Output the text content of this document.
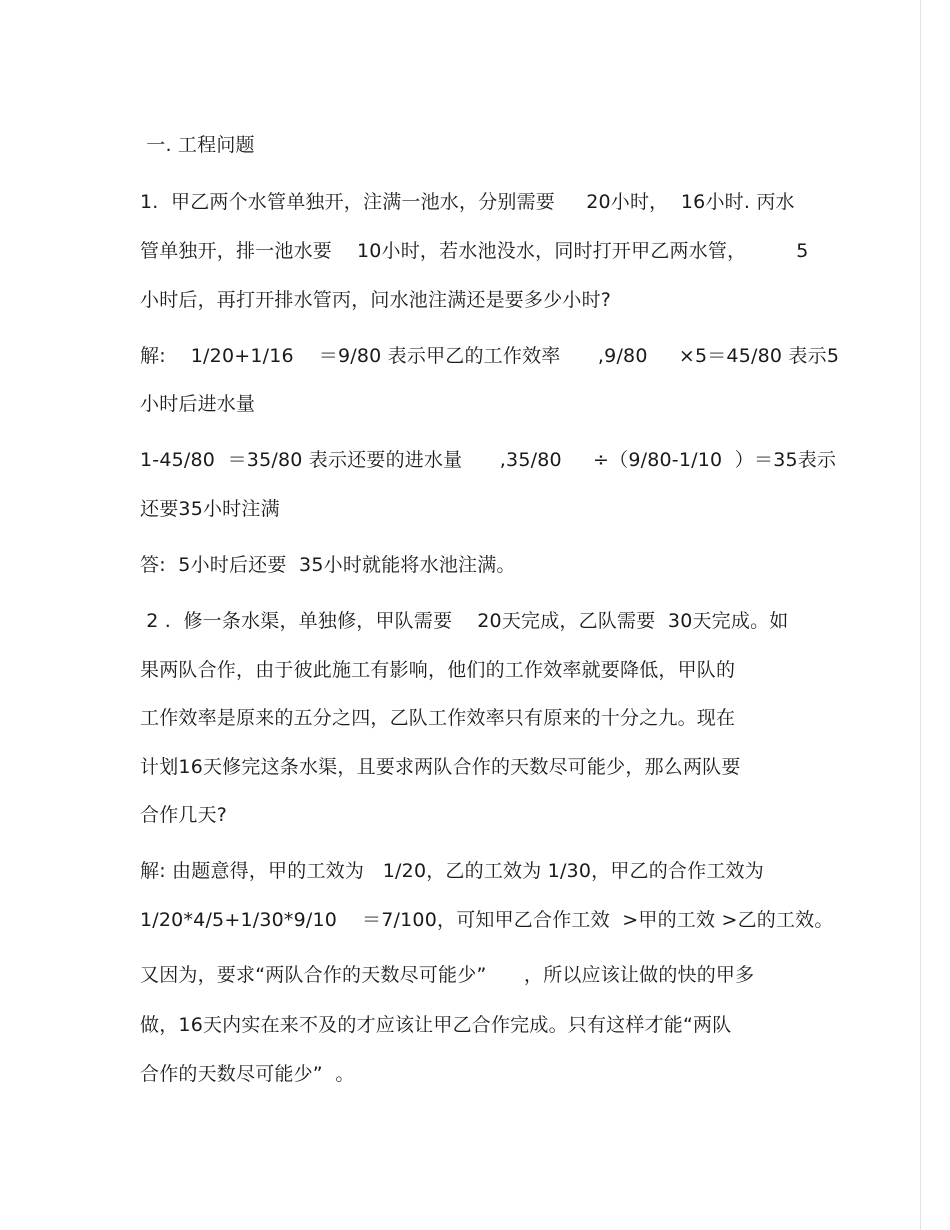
一. 工程问题
1.  甲乙两个水管单独开，注满一池水，分别需要     20小时，  16小时. 丙水
管单独开，排一池水要    10小时，若水池没水，同时打开甲乙两水管，        5
小时后，再打开排水管丙，问水池注满还是要多少小时?
解:    1/20+1/16    ＝9/80 表示甲乙的工作效率      ,9/80     ×5＝45/80 表示5
小时后进水量
1-45/80  ＝35/80 表示还要的进水量      ,35/80     ÷（9/80-1/10  ）＝35表示
还要35小时注满
答:  5小时后还要  35小时就能将水池注满。
2 .  修一条水渠，单独修，甲队需要    20天完成，乙队需要  30天完成。如
果两队合作，由于彼此施工有影响，他们的工作效率就要降低，甲队的
工作效率是原来的五分之四，乙队工作效率只有原来的十分之九。现在
计划16天修完这条水渠，且要求两队合作的天数尽可能少，那么两队要
合作几天?
解: 由题意得，甲的工效为   1/20，乙的工效为 1/30，甲乙的合作工效为
1/20*4/5+1/30*9/10    ＝7/100，可知甲乙合作工效  >甲的工效 >乙的工效。
又因为，要求“两队合作的天数尽可能少”      ，所以应该让做的快的甲多
做，16天内实在来不及的才应该让甲乙合作完成。只有这样才能“两队
合作的天数尽可能少”  。
